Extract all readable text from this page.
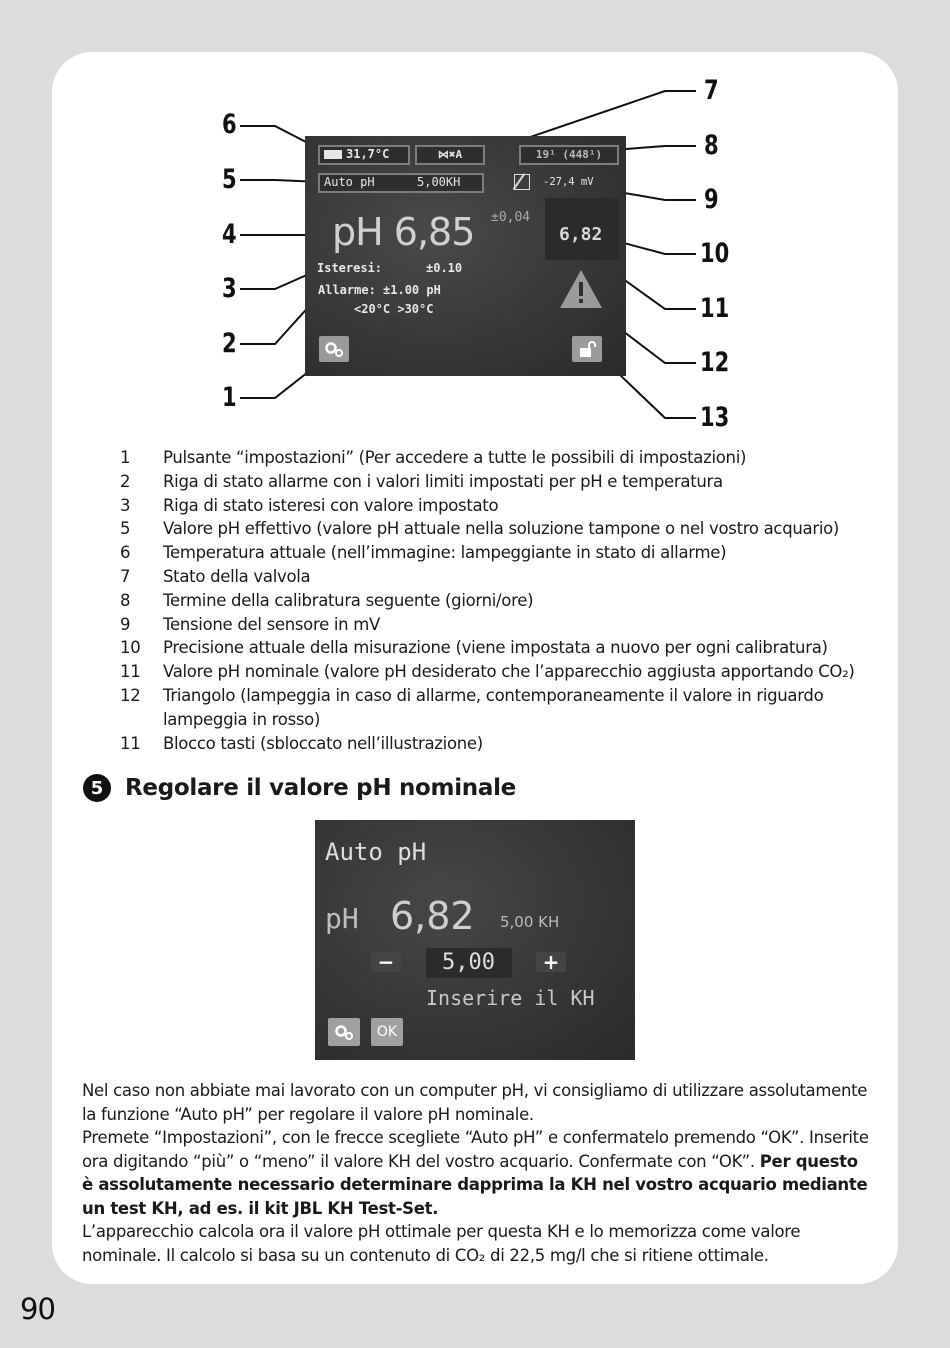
6
5
4
3
2
1
7
8
9
10
11
12
13
31,7°C	⋈✖A	19¹ (448¹)
Auto pH	5,00KH	-27,4 mV
pH 6,85 ±0,04
6,82
Isteresi:	±0.10
Allarme: ±1.00 pH
<20°C >30°C
1	Pulsante “impostazioni” (Per accedere a tutte le possibili di impostazioni)
2	Riga di stato allarme con i valori limiti impostati per pH e temperatura
3	Riga di stato isteresi con valore impostato
5	Valore pH effettivo (valore pH attuale nella soluzione tampone o nel vostro acquario)
6	Temperatura attuale (nell’immagine: lampeggiante in stato di allarme)
7	Stato della valvola
8	Termine della calibratura seguente (giorni/ore)
9	Tensione del sensore in mV
10	Precisione attuale della misurazione (viene impostata a nuovo per ogni calibratura)
11	Valore pH nominale (valore pH desiderato che l’apparecchio aggiusta apportando CO₂)
12	Triangolo (lampeggia in caso di allarme, contemporaneamente il valore in riguardo lampeggia in rosso)
11	Blocco tasti (sbloccato nell’illustrazione)
5 Regolare il valore pH nominale
Auto pH
pH 6,82 5,00 KH
−	5,00	+
Inserire il KH
OK

Nel caso non abbiate mai lavorato con un computer pH, vi consigliamo di utilizzare assolutamente la funzione “Auto pH” per regolare il valore pH nominale.

Premete “Impostazioni”, con le frecce scegliete “Auto pH” e confermatelo premendo “OK”. Inserite ora digitando “più” o “meno” il valore KH del vostro acquario. Confermate con “OK”. Per questo è assolutamente necessario determinare dapprima la KH nel vostro acquario mediante un test KH, ad es. il kit JBL KH Test-Set.

L’apparecchio calcola ora il valore pH ottimale per questa KH e lo memorizza come valore nominale. Il calcolo si basa su un contenuto di CO₂ di 22,5 mg/l che si ritiene ottimale.

90
